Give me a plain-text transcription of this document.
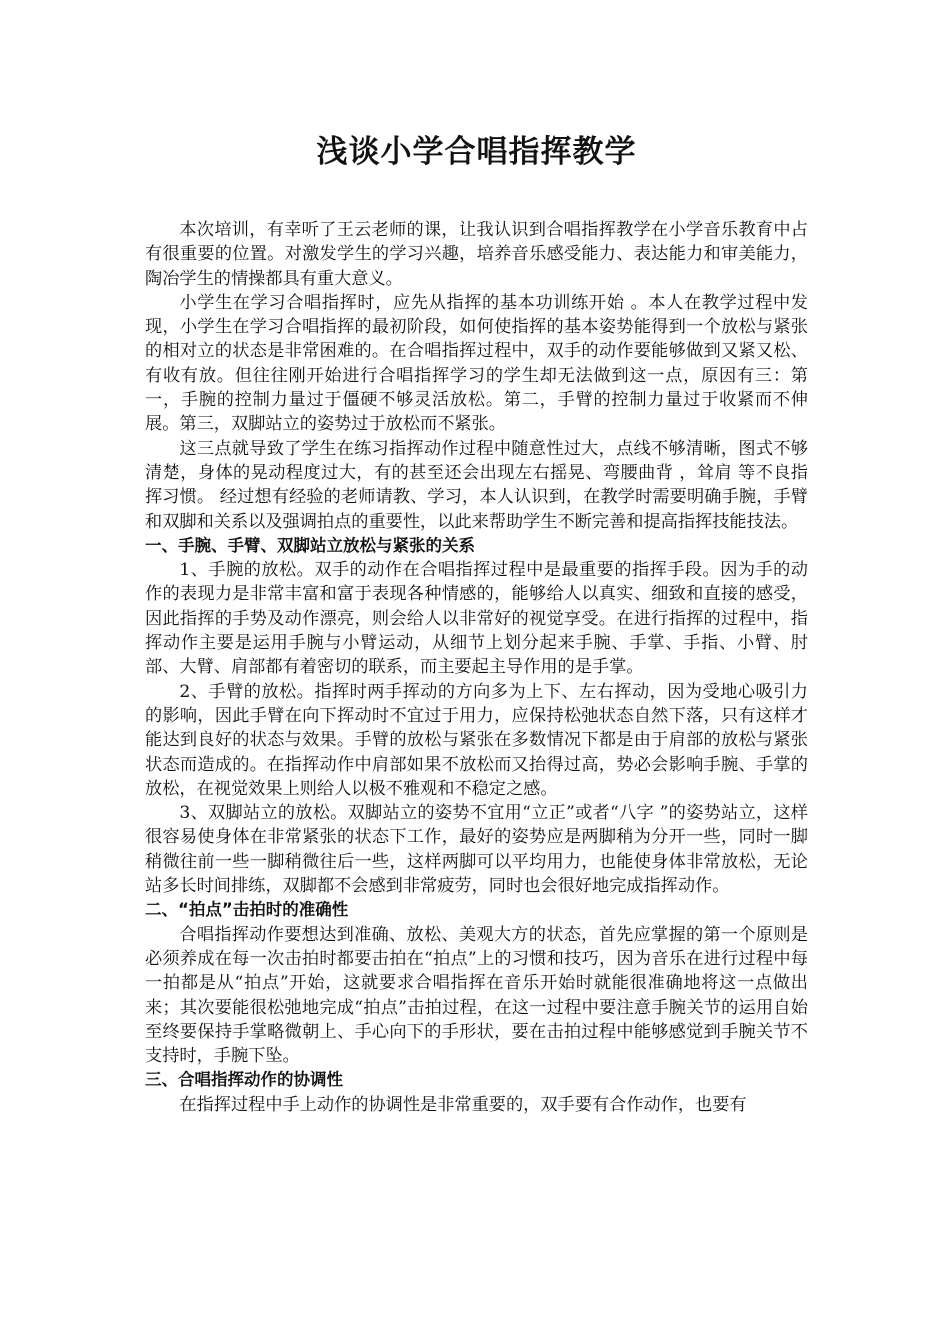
浅谈小学合唱指挥教学

本次培训，有幸听了王云老师的课，让我认识到合唱指挥教学在小学音乐教育中占有很重要的位置。对激发学生的学习兴趣，培养音乐感受能力、表达能力和审美能力，陶冶学生的情操都具有重大意义。

小学生在学习合唱指挥时，应先从指挥的基本功训练开始 。本人在教学过程中发现，小学生在学习合唱指挥的最初阶段，如何使指挥的基本姿势能得到一个放松与紧张的相对立的状态是非常困难的。在合唱指挥过程中，双手的动作要能够做到又紧又松、有收有放。但往往刚开始进行合唱指挥学习的学生却无法做到这一点，原因有三：第一，手腕的控制力量过于僵硬不够灵活放松。第二，手臂的控制力量过于收紧而不伸展。第三，双脚站立的姿势过于放松而不紧张。

这三点就导致了学生在练习指挥动作过程中随意性过大，点线不够清晰，图式不够清楚，身体的晃动程度过大，有的甚至还会出现左右摇晃、弯腰曲背 ，耸肩 等不良指挥习惯。 经过想有经验的老师请教、学习，本人认识到，在教学时需要明确手腕，手臂和双脚和关系以及强调拍点的重要性，以此来帮助学生不断完善和提高指挥技能技法。

一、手腕、手臂、双脚站立放松与紧张的关系

1、手腕的放松。双手的动作在合唱指挥过程中是最重要的指挥手段。因为手的动作的表现力是非常丰富和富于表现各种情感的，能够给人以真实、细致和直接的感受，因此指挥的手势及动作漂亮，则会给人以非常好的视觉享受。在进行指挥的过程中，指挥动作主要是运用手腕与小臂运动，从细节上划分起来手腕、手掌、手指、小臂、肘部、大臂、肩部都有着密切的联系，而主要起主导作用的是手掌。

2、手臂的放松。指挥时两手挥动的方向多为上下、左右挥动，因为受地心吸引力的影响，因此手臂在向下挥动时不宜过于用力，应保持松弛状态自然下落，只有这样才能达到良好的状态与效果。手臂的放松与紧张在多数情况下都是由于肩部的放松与紧张状态而造成的。在指挥动作中肩部如果不放松而又抬得过高，势必会影响手腕、手掌的放松，在视觉效果上则给人以极不雅观和不稳定之感。

3、双脚站立的放松。双脚站立的姿势不宜用“立正”或者“八字 ”的姿势站立，这样很容易使身体在非常紧张的状态下工作，最好的姿势应是两脚稍为分开一些，同时一脚稍微往前一些一脚稍微往后一些，这样两脚可以平均用力，也能使身体非常放松，无论站多长时间排练，双脚都不会感到非常疲劳，同时也会很好地完成指挥动作。

二、“拍点”击拍时的准确性

合唱指挥动作要想达到准确、放松、美观大方的状态，首先应掌握的第一个原则是必须养成在每一次击拍时都要击拍在“拍点”上的习惯和技巧，因为音乐在进行过程中每一拍都是从“拍点”开始，这就要求合唱指挥在音乐开始时就能很准确地将这一点做出来；其次要能很松弛地完成“拍点”击拍过程，在这一过程中要注意手腕关节的运用自始至终要保持手掌略微朝上、手心向下的手形状，要在击拍过程中能够感觉到手腕关节不支持时，手腕下坠。

三、合唱指挥动作的协调性

在指挥过程中手上动作的协调性是非常重要的，双手要有合作动作，也要有
